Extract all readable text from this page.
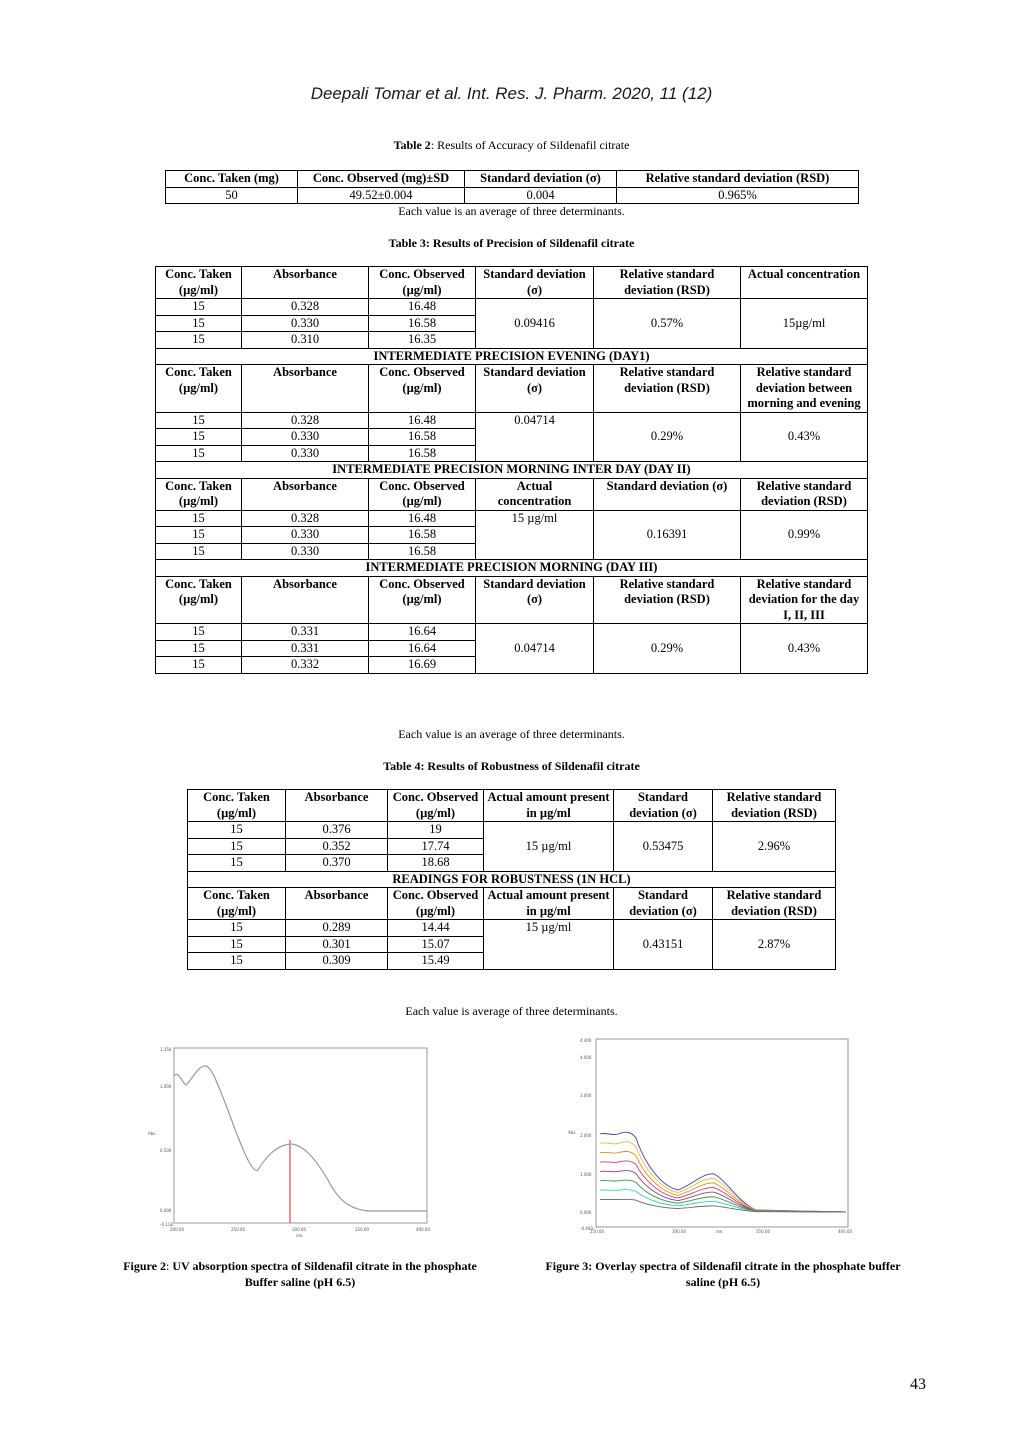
Deepali Tomar et al. Int. Res. J. Pharm. 2020, 11 (12)
Table 2: Results of Accuracy of Sildenafil citrate
Conc. Taken (mg)	Conc. Observed (mg)±SD	Standard deviation (σ)	Relative standard deviation (RSD)
50	49.52±0.004	0.004	0.965%
Each value is an average of three determinants.
Table 3: Results of Precision of Sildenafil citrate
Conc. Taken (µg/ml)	Absorbance	Conc. Observed (µg/ml)	Standard deviation (σ)	Relative standard deviation (RSD)	Actual concentration
15	0.328	16.48	0.09416	0.57%	15µg/ml
15	0.330	16.58			
15	0.310	16.35			
INTERMEDIATE PRECISION EVENING (DAY1)					
Conc. Taken (µg/ml)	Absorbance	Conc. Observed (µg/ml)	Standard deviation (σ)	Relative standard deviation (RSD)	Relative standard deviation between morning and evening
15	0.328	16.48	0.04714	0.29%	0.43%
15	0.330	16.58			
15	0.330	16.58			
INTERMEDIATE PRECISION MORNING INTER DAY (DAY II)					
Conc. Taken (µg/ml)	Absorbance	Conc. Observed (µg/ml)	Actual concentration	Standard deviation (σ)	Relative standard deviation (RSD)
15	0.328	16.48	15 µg/ml	0.16391	0.99%
15	0.330	16.58			
15	0.330	16.58			
INTERMEDIATE PRECISION MORNING (DAY III)					
Conc. Taken (µg/ml)	Absorbance	Conc. Observed (µg/ml)	Standard deviation (σ)	Relative standard deviation (RSD)	Relative standard deviation for the day I, II, III
15	0.331	16.64	0.04714	0.29%	0.43%
15	0.331	16.64			
15	0.332	16.69			
Each value is an average of three determinants.
Table 4: Results of Robustness of Sildenafil citrate
Conc. Taken (µg/ml)	Absorbance	Conc. Observed (µg/ml)	Actual amount present in µg/ml	Standard deviation (σ)	Relative standard deviation (RSD)
15	0.376	19	15 µg/ml	0.53475	2.96%
15	0.352	17.74			
15	0.370	18.68			
READINGS FOR ROBUSTNESS (1N HCL)					
Conc. Taken (µg/ml)	Absorbance	Conc. Observed (µg/ml)	Actual amount present in µg/ml	Standard deviation (σ)	Relative standard deviation (RSD)
15	0.289	14.44	15 µg/ml	0.43151	2.87%
15	0.301	15.07			
15	0.309	15.49			
Each value is average of three determinants.
1.354
1.000
0.500
0.000
-0.118
200.00	250.00	300.00	350.00	400.00
Abs.
nm.
4.400
4.000
3.000
2.000
1.000
0.000
-0.400
250.00	300.00	350.00	400.00
Abs.
nm.
Figure 2: UV absorption spectra of Sildenafil citrate in the phosphate Buffer saline (pH 6.5)
Figure 3: Overlay spectra of Sildenafil citrate in the phosphate buffer saline (pH 6.5)
43
